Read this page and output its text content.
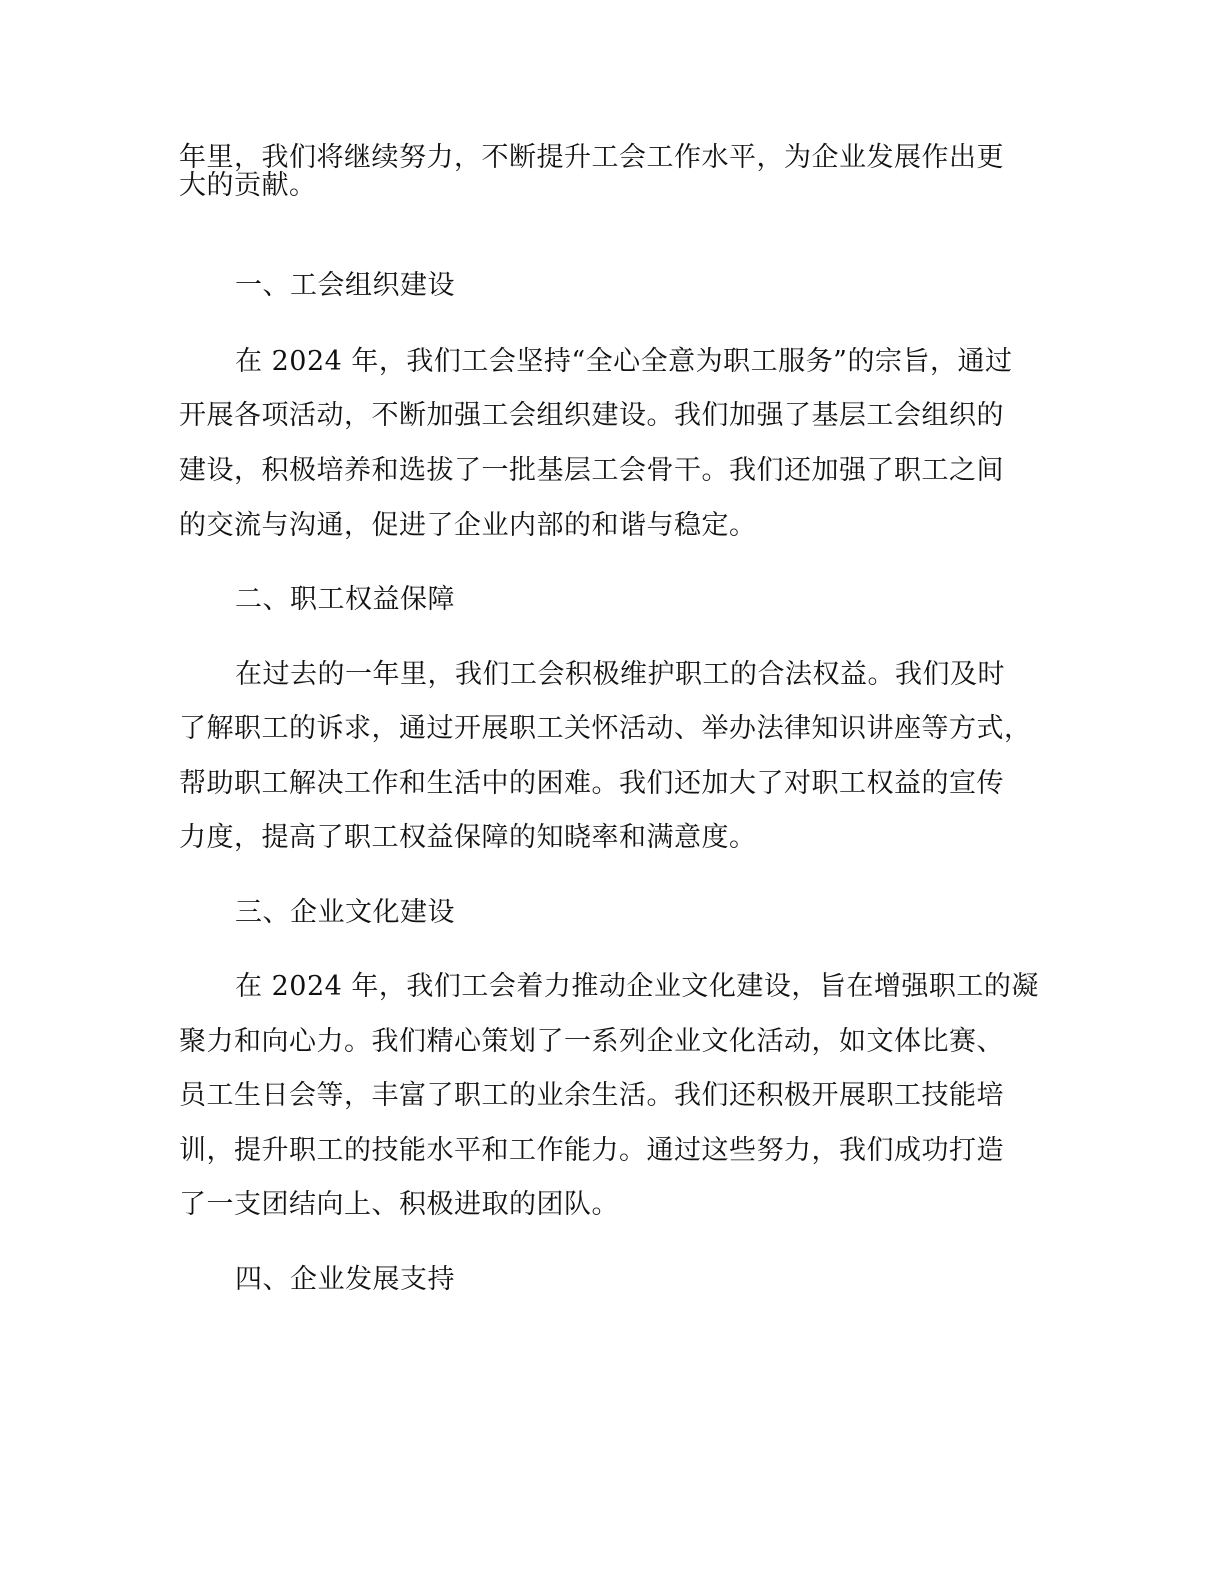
年里，我们将继续努力，不断提升工会工作水平，为企业发展作出更
大的贡献。
一、工会组织建设
在 2024 年，我们工会坚持“全心全意为职工服务”的宗旨，通过
开展各项活动，不断加强工会组织建设。我们加强了基层工会组织的
建设，积极培养和选拔了一批基层工会骨干。我们还加强了职工之间
的交流与沟通，促进了企业内部的和谐与稳定。
二、职工权益保障
在过去的一年里，我们工会积极维护职工的合法权益。我们及时
了解职工的诉求，通过开展职工关怀活动、举办法律知识讲座等方式，
帮助职工解决工作和生活中的困难。我们还加大了对职工权益的宣传
力度，提高了职工权益保障的知晓率和满意度。
三、企业文化建设
在 2024 年，我们工会着力推动企业文化建设，旨在增强职工的凝
聚力和向心力。我们精心策划了一系列企业文化活动，如文体比赛、
员工生日会等，丰富了职工的业余生活。我们还积极开展职工技能培
训，提升职工的技能水平和工作能力。通过这些努力，我们成功打造
了一支团结向上、积极进取的团队。
四、企业发展支持
